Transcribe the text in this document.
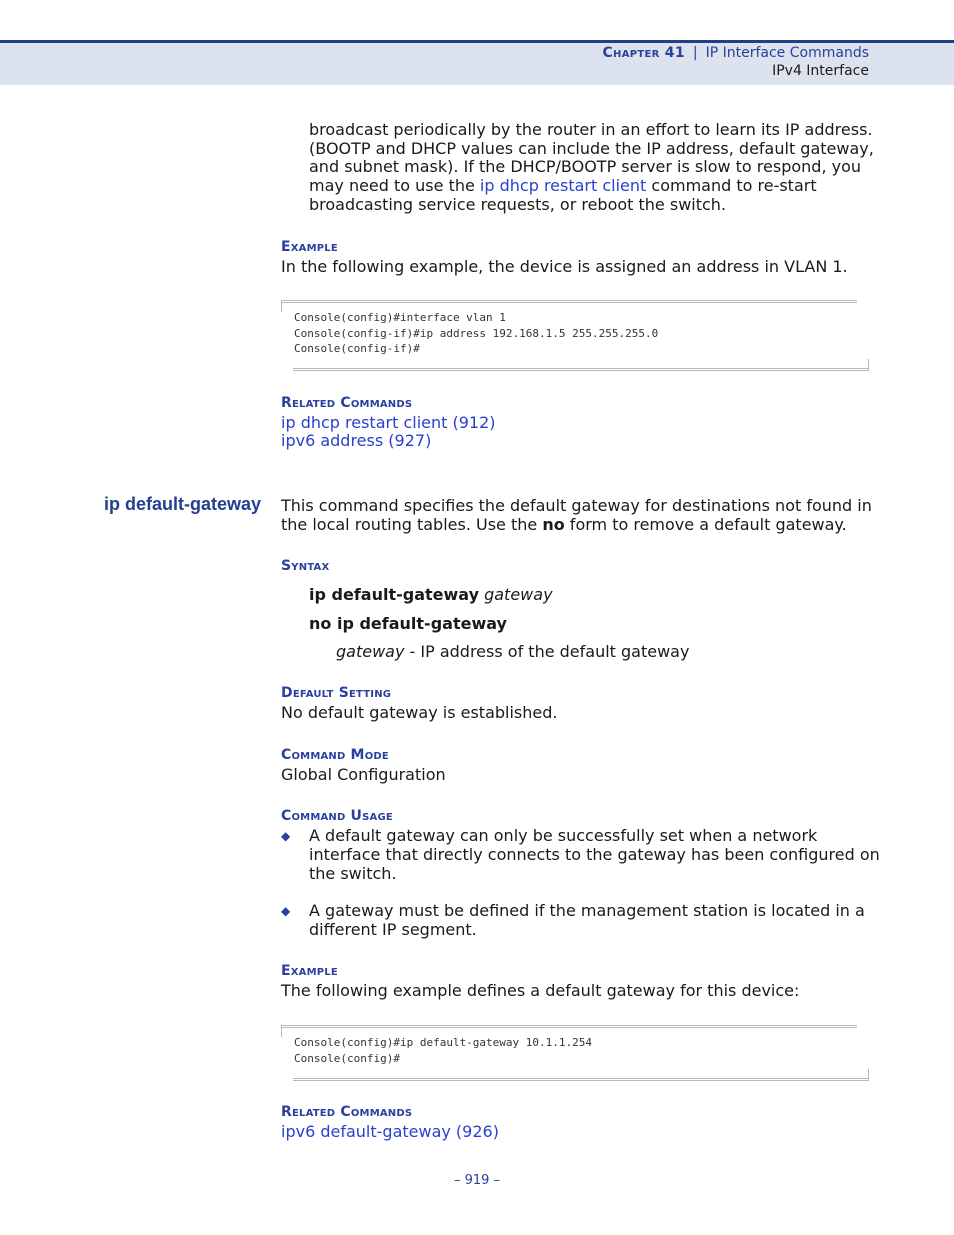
Chapter 41 | IP Interface Commands
IPv4 Interface
broadcast periodically by the router in an effort to learn its IP address.
(BOOTP and DHCP values can include the IP address, default gateway,
and subnet mask). If the DHCP/BOOTP server is slow to respond, you
may need to use the ip dhcp restart client command to re-start
broadcasting service requests, or reboot the switch.
Example
In the following example, the device is assigned an address in VLAN 1.
Console(config)#interface vlan 1
Console(config-if)#ip address 192.168.1.5 255.255.255.0
Console(config-if)#
Related Commands
ip dhcp restart client (912)
ipv6 address (927)
ip default-gateway This command specifies the default gateway for destinations not found in
the local routing tables. Use the no form to remove a default gateway.
Syntax
ip default-gateway gateway
no ip default-gateway
gateway - IP address of the default gateway
Default Setting
No default gateway is established.
Command Mode
Global Configuration
Command Usage
◆ A default gateway can only be successfully set when a network
interface that directly connects to the gateway has been configured on
the switch.
◆ A gateway must be defined if the management station is located in a
different IP segment.
Example
The following example defines a default gateway for this device:
Console(config)#ip default-gateway 10.1.1.254
Console(config)#
Related Commands
ipv6 default-gateway (926)
– 919 –
